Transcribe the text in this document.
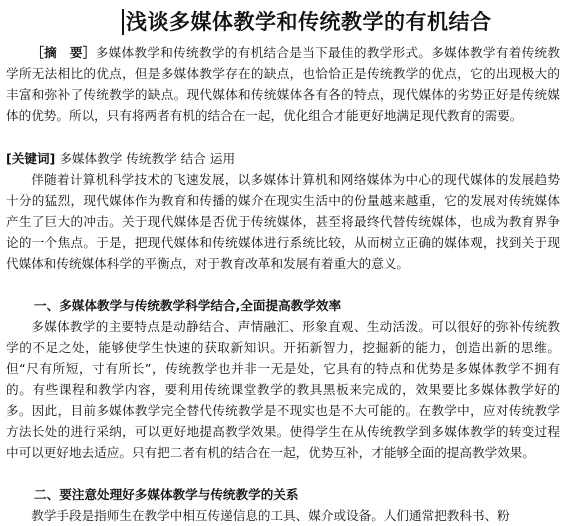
浅谈多媒体教学和传统教学的有机结合
［摘　要］多媒体教学和传统教学的有机结合是当下最佳的教学形式。多媒体教学有着传统教学所无法相比的优点，但是多媒体教学存在的缺点，也恰恰正是传统教学的优点，它的出现极大的丰富和弥补了传统教学的缺点。现代媒体和传统媒体各有各的特点，现代媒体的劣势正好是传统媒体的优势。所以，只有将两者有机的结合在一起，优化组合才能更好地满足现代教育的需要。
[关键词] 多媒体教学 传统教学 结合 运用
伴随着计算机科学技术的飞速发展，以多媒体计算机和网络媒体为中心的现代媒体的发展趋势十分的猛烈，现代媒体作为教育和传播的媒介在现实生活中的份量越来越重，它的发展对传统媒体产生了巨大的冲击。关于现代媒体是否优于传统媒体，甚至将最终代替传统媒体，也成为教育界争论的一个焦点。于是，把现代媒体和传统媒体进行系统比较，从而树立正确的媒体观，找到关于现代媒体和传统媒体科学的平衡点，对于教育改革和发展有着重大的意义。
一、多媒体教学与传统教学科学结合,全面提高教学效率
多媒体教学的主要特点是动静结合、声情融汇、形象直观、生动活泼。可以很好的弥补传统教学的不足之处，能够使学生快速的获取新知识。开拓新智力，挖掘新的能力，创造出新的思维。但“尺有所短，寸有所长”，传统教学也并非一无是处，它具有的特点和优势是多媒体教学不拥有的。有些课程和教学内容，要利用传统课堂教学的教具黑板来完成的，效果要比多媒体教学好的多。因此，目前多媒体教学完全替代传统教学是不现实也是不大可能的。在教学中，应对传统教学方法长处的进行采纳，可以更好地提高教学效果。使得学生在从传统教学到多媒体教学的转变过程中可以更好地去适应。只有把二者有机的结合在一起，优势互补，才能够全面的提高教学效果。
二、要注意处理好多媒体教学与传统教学的关系
教学手段是指师生在教学中相互传递信息的工具、媒介或设备。人们通常把教科书、粉
